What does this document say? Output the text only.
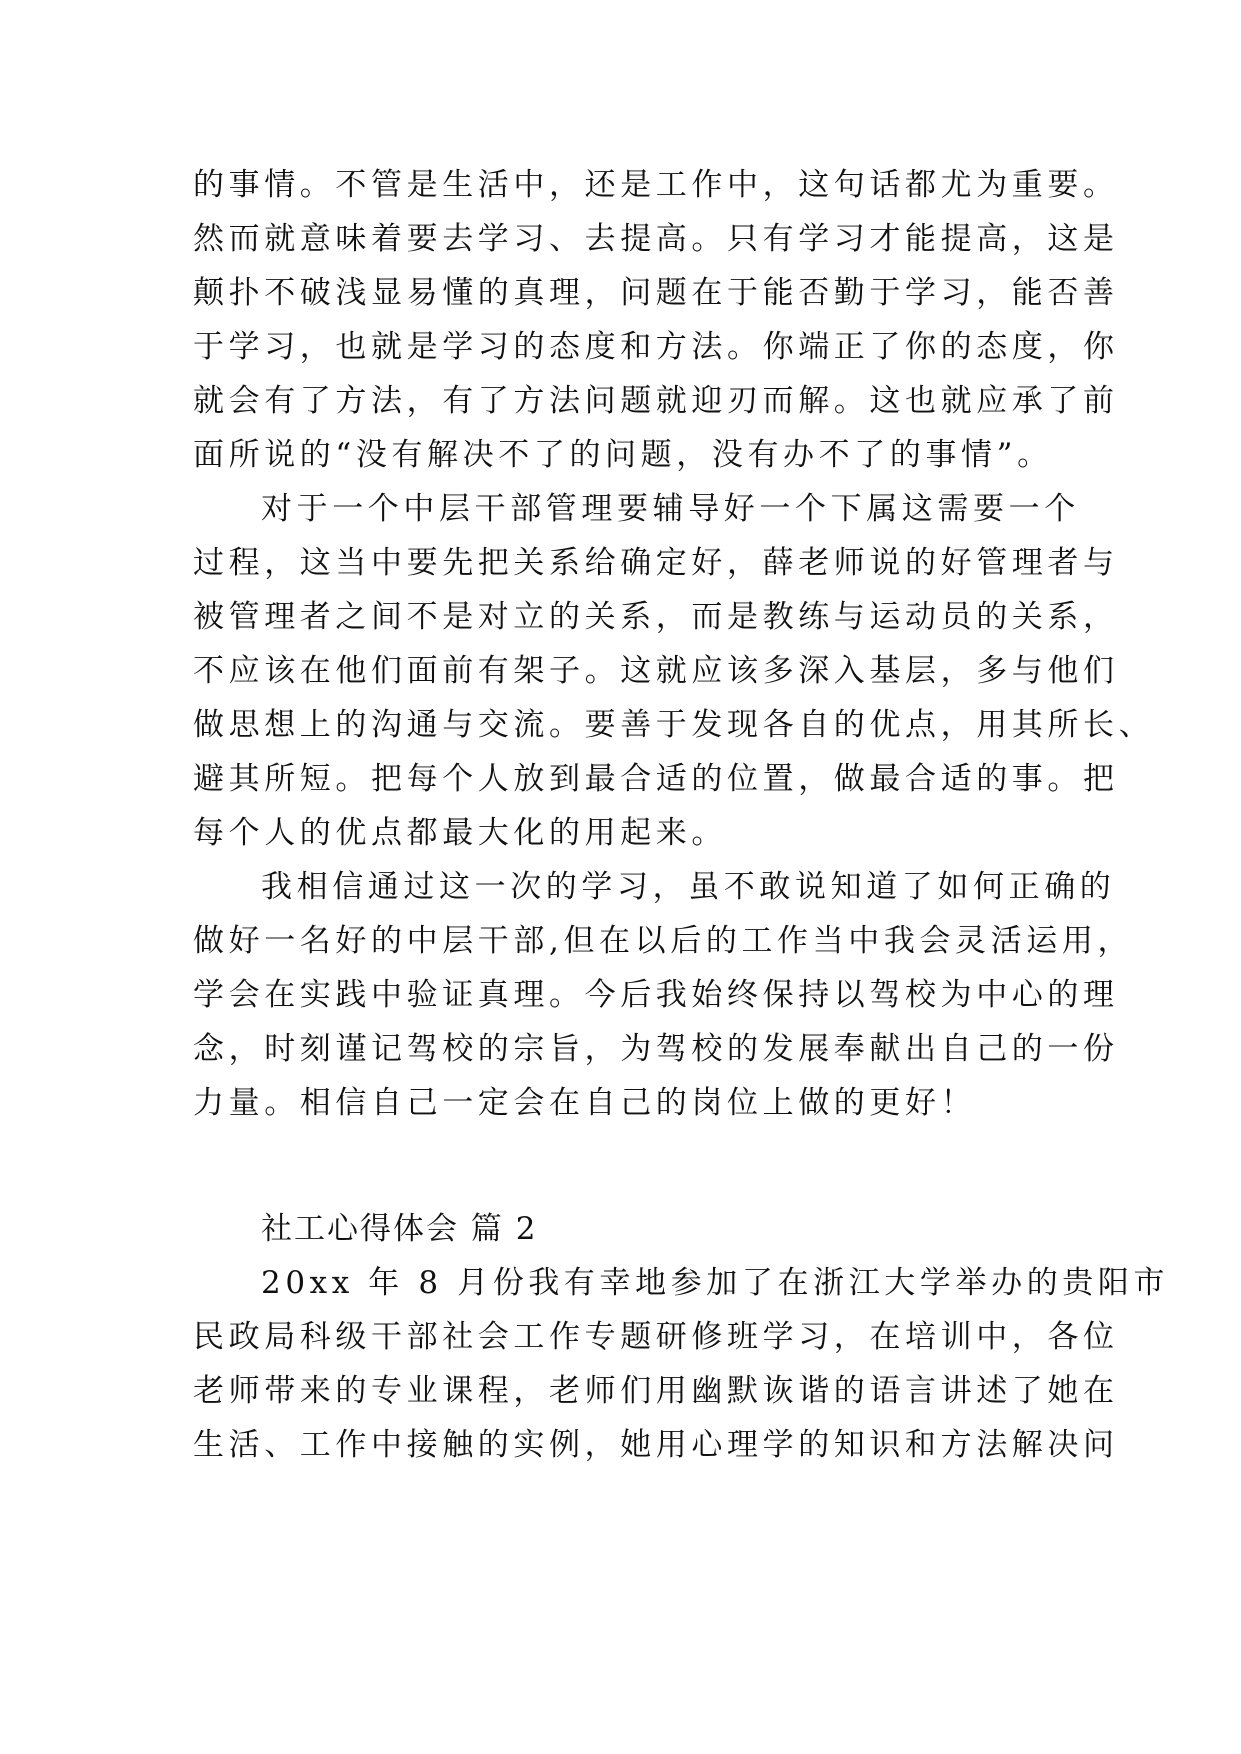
的事情。不管是生活中，还是工作中，这句话都尤为重要。
然而就意味着要去学习、去提高。只有学习才能提高，这是
颠扑不破浅显易懂的真理，问题在于能否勤于学习，能否善
于学习，也就是学习的态度和方法。你端正了你的态度，你
就会有了方法，有了方法问题就迎刃而解。这也就应承了前
面所说的“没有解决不了的问题，没有办不了的事情”。
对于一个中层干部管理要辅导好一个下属这需要一个
过程，这当中要先把关系给确定好，薛老师说的好管理者与
被管理者之间不是对立的关系，而是教练与运动员的关系，
不应该在他们面前有架子。这就应该多深入基层，多与他们
做思想上的沟通与交流。要善于发现各自的优点，用其所长、
避其所短。把每个人放到最合适的位置，做最合适的事。把
每个人的优点都最大化的用起来。
我相信通过这一次的学习，虽不敢说知道了如何正确的
做好一名好的中层干部,但在以后的工作当中我会灵活运用，
学会在实践中验证真理。今后我始终保持以驾校为中心的理
念，时刻谨记驾校的宗旨，为驾校的发展奉献出自己的一份
力量。相信自己一定会在自己的岗位上做的更好！
社工心得体会 篇 2
20xx 年 8 月份我有幸地参加了在浙江大学举办的贵阳市
民政局科级干部社会工作专题研修班学习，在培训中，各位
老师带来的专业课程，老师们用幽默诙谐的语言讲述了她在
生活、工作中接触的实例，她用心理学的知识和方法解决问
